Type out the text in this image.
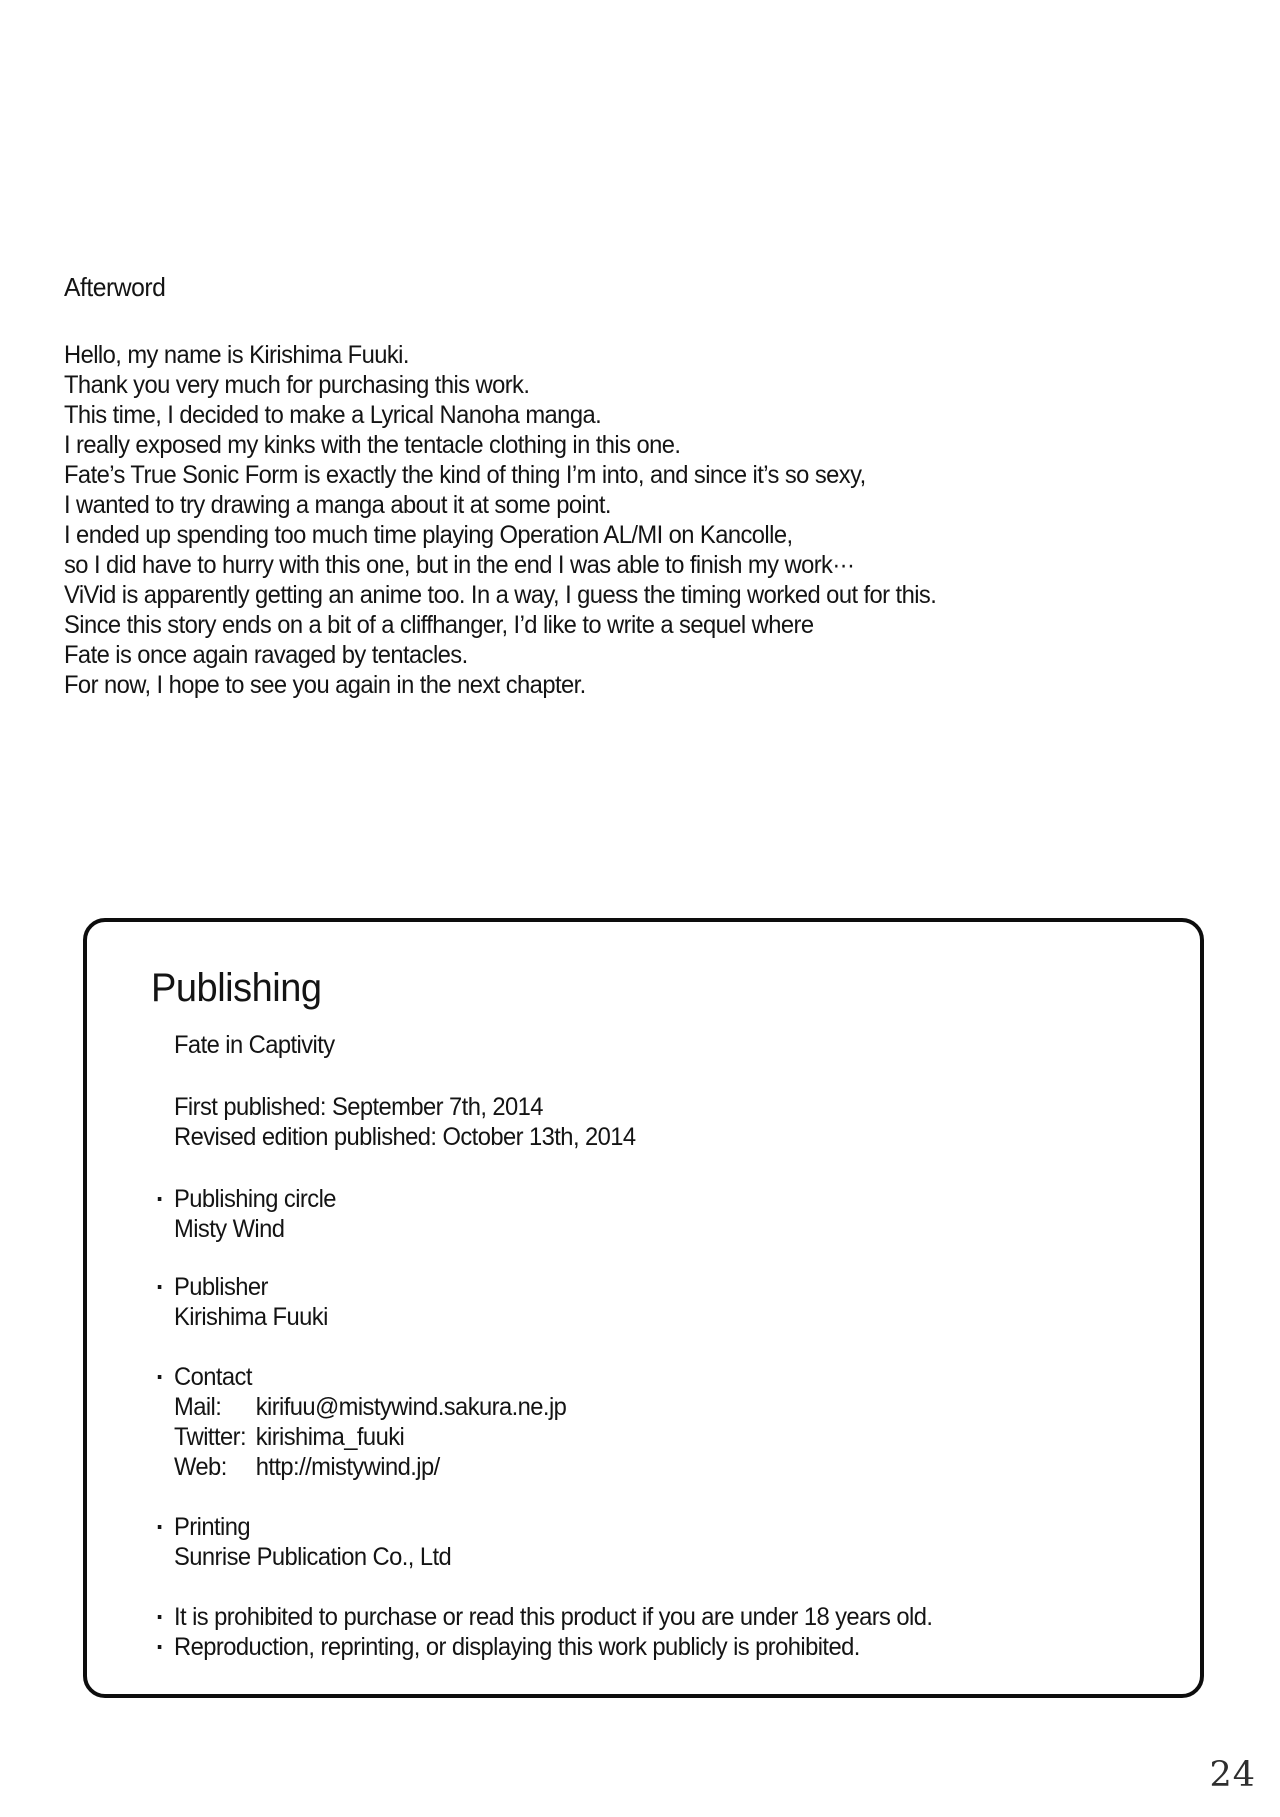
Afterword
Hello, my name is Kirishima Fuuki.
Thank you very much for purchasing this work.
This time, I decided to make a Lyrical Nanoha manga.
I really exposed my kinks with the tentacle clothing in this one.
Fate’s True Sonic Form is exactly the kind of thing I’m into, and since it’s so sexy,
I wanted to try drawing a manga about it at some point.
I ended up spending too much time playing Operation AL/MI on Kancolle,
so I did have to hurry with this one, but in the end I was able to finish my work···
ViVid is apparently getting an anime too. In a way, I guess the timing worked out for this.
Since this story ends on a bit of a cliffhanger, I’d like to write a sequel where
Fate is once again ravaged by tentacles.
For now, I hope to see you again in the next chapter.
Publishing
Fate in Captivity
First published: September 7th, 2014
Revised edition published: October 13th, 2014
· Publishing circle
Misty Wind
· Publisher
Kirishima Fuuki
· Contact
Mail: kirifuu@mistywind.sakura.ne.jp
Twitter: kirishima_fuuki
Web: http://mistywind.jp/
· Printing
Sunrise Publication Co., Ltd
· It is prohibited to purchase or read this product if you are under 18 years old.
· Reproduction, reprinting, or displaying this work publicly is prohibited.
24
